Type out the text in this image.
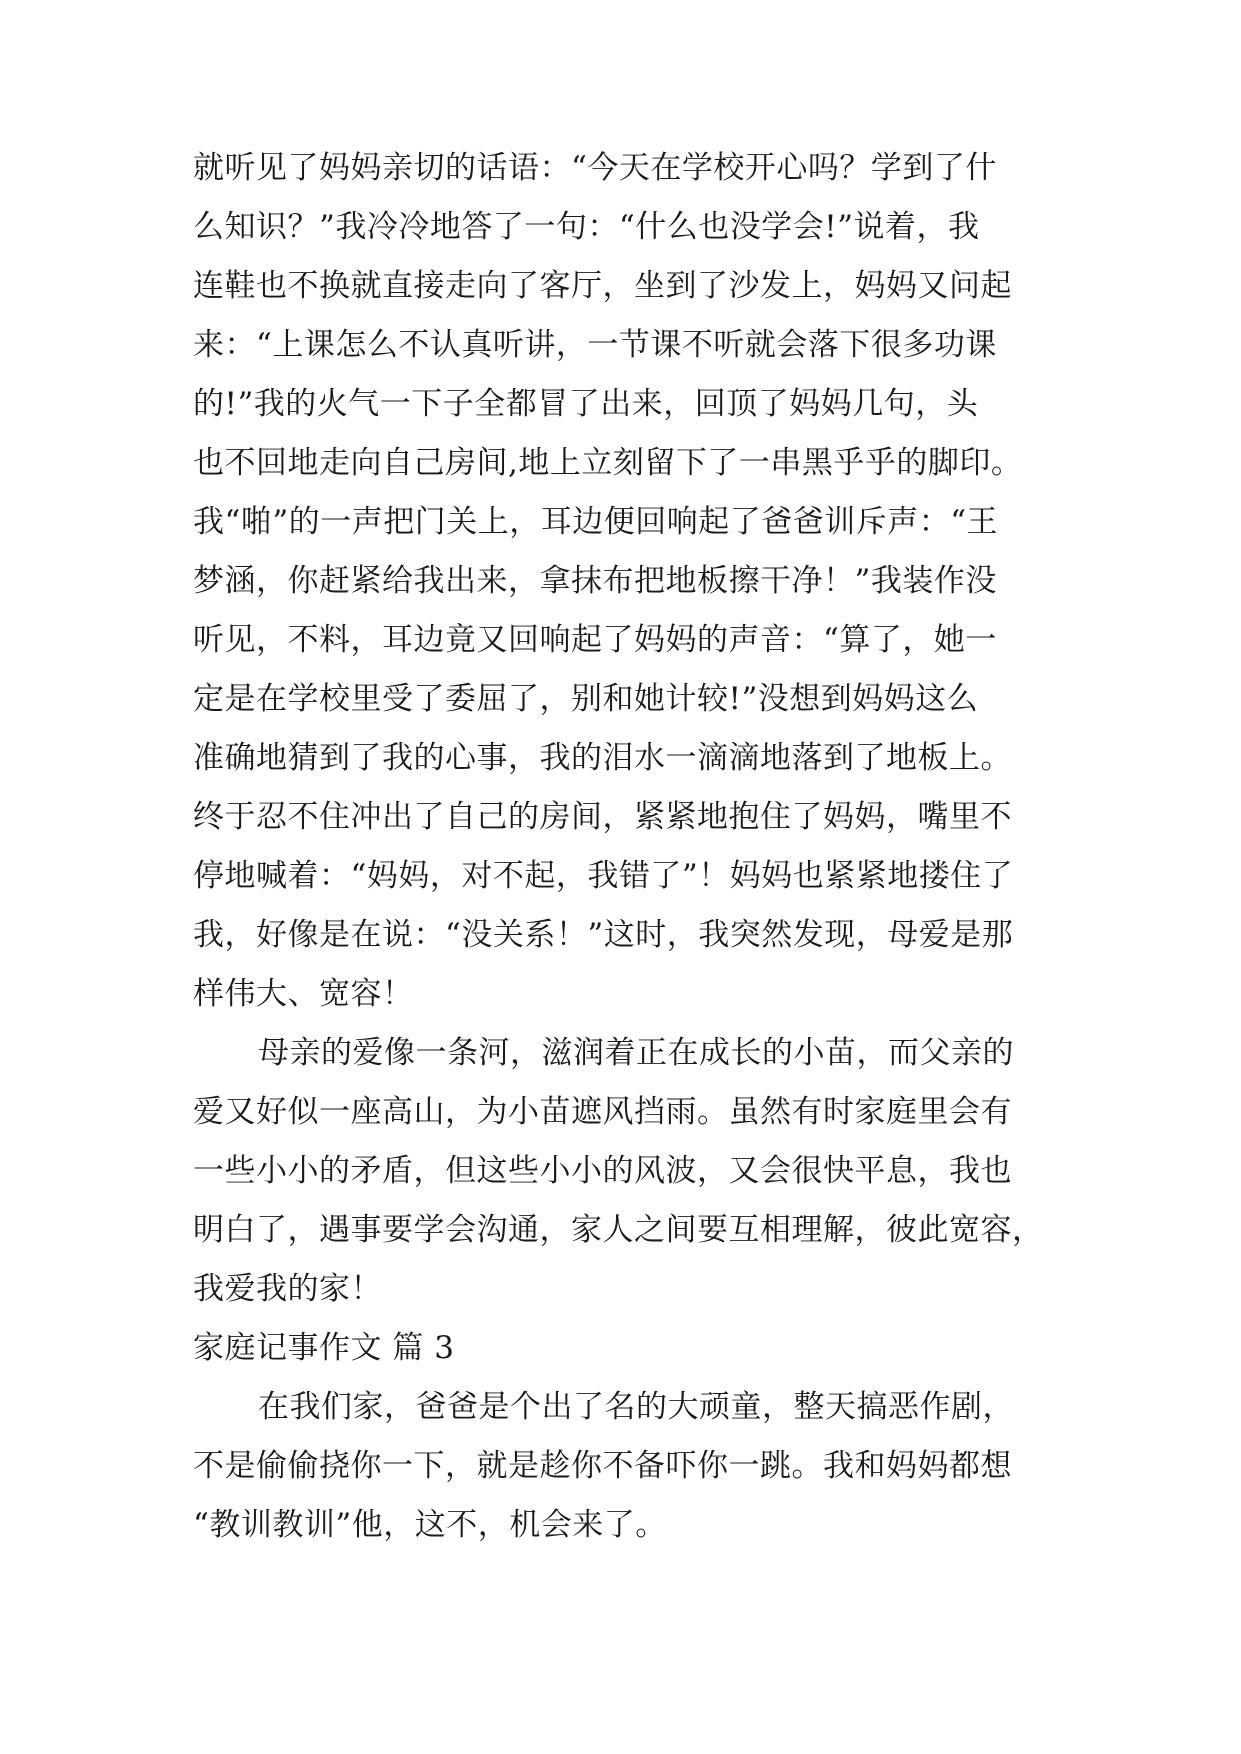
就听见了妈妈亲切的话语：“今天在学校开心吗？学到了什
么知识？”我冷冷地答了一句：“什么也没学会!”说着，我
连鞋也不换就直接走向了客厅，坐到了沙发上，妈妈又问起
来：“上课怎么不认真听讲，一节课不听就会落下很多功课
的!”我的火气一下子全都冒了出来，回顶了妈妈几句，头
也不回地走向自己房间,地上立刻留下了一串黑乎乎的脚印。
我“啪”的一声把门关上，耳边便回响起了爸爸训斥声：“王
梦涵，你赶紧给我出来，拿抹布把地板擦干净！”我装作没
听见，不料，耳边竟又回响起了妈妈的声音：“算了，她一
定是在学校里受了委屈了，别和她计较!”没想到妈妈这么
准确地猜到了我的心事，我的泪水一滴滴地落到了地板上。
终于忍不住冲出了自己的房间，紧紧地抱住了妈妈，嘴里不
停地喊着：“妈妈，对不起，我错了”！妈妈也紧紧地搂住了
我，好像是在说：“没关系！”这时，我突然发现，母爱是那
样伟大、宽容！
母亲的爱像一条河，滋润着正在成长的小苗，而父亲的
爱又好似一座高山，为小苗遮风挡雨。虽然有时家庭里会有
一些小小的矛盾，但这些小小的风波，又会很快平息，我也
明白了，遇事要学会沟通，家人之间要互相理解，彼此宽容，
我爱我的家！
家庭记事作文 篇 3
在我们家，爸爸是个出了名的大顽童，整天搞恶作剧，
不是偷偷挠你一下，就是趁你不备吓你一跳。我和妈妈都想
“教训教训”他，这不，机会来了。
